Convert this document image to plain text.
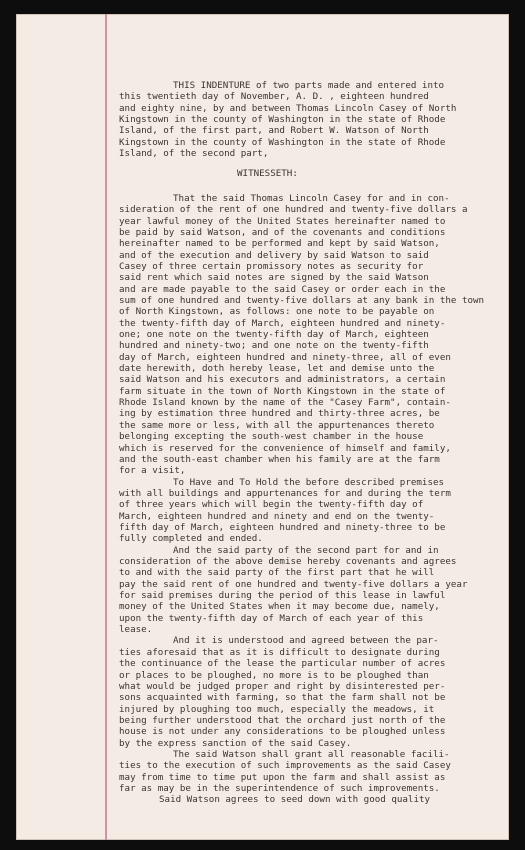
THIS INDENTURE of two parts made and entered into
this twentieth day of November, A. D. , eighteen hundred
and eighty nine, by and between Thomas Lincoln Casey of North
Kingstown in the county of Washington in the state of Rhode
Island, of the first part, and Robert W. Watson of North
Kingstown in the county of Washington in the state of Rhode
Island, of the second part,
WITNESSETH:
That the said Thomas Lincoln Casey for and in con-
sideration of the rent of one hundred and twenty-five dollars a
year lawful money of the United States hereinafter named to
be paid by said Watson, and of the covenants and conditions
hereinafter named to be performed and kept by said Watson,
and of the execution and delivery by said Watson to said
Casey of three certain promissory notes as security for
said rent which said notes are signed by the said Watson
and are made payable to the said Casey or order each in the
sum of one hundred and twenty-five dollars at any bank in the town
of North Kingstown, as follows: one note to be payable on
the twenty-fifth day of March, eighteen hundred and ninety-
one; one note on the twenty-fifth day of March, eighteen
hundred and ninety-two; and one note on the twenty-fifth
day of March, eighteen hundred and ninety-three, all of even
date herewith, doth hereby lease, let and demise unto the
said Watson and his executors and administrators, a certain
farm situate in the town of North Kingstown in the state of
Rhode Island known by the name of the "Casey Farm", contain-
ing by estimation three hundred and thirty-three acres, be
the same more or less, with all the appurtenances thereto
belonging excepting the south-west chamber in the house
which is reserved for the convenience of himself and family,
and the south-east chamber when his family are at the farm
for a visit,
To Have and To Hold the before described premises
with all buildings and appurtenances for and during the term
of three years which will begin the twenty-fifth day of
March, eighteen hundred and ninety and end on the twenty-
fifth day of March, eighteen hundred and ninety-three to be
fully completed and ended.
And the said party of the second part for and in
consideration of the above demise hereby covenants and agrees
to and with the said party of the first part that he will
pay the said rent of one hundred and twenty-five dollars a year
for said premises during the period of this lease in lawful
money of the United States when it may become due, namely,
upon the twenty-fifth day of March of each year of this
lease.
And it is understood and agreed between the par-
ties aforesaid that as it is difficult to designate during
the continuance of the lease the particular number of acres
or places to be ploughed, no more is to be ploughed than
what would be judged proper and right by disinterested per-
sons acquainted with farming, so that the farm shall not be
injured by ploughing too much, especially the meadows, it
being further understood that the orchard just north of the
house is not under any considerations to be ploughed unless
by the express sanction of the said Casey.
The said Watson shall grant all reasonable facili-
ties to the execution of such improvements as the said Casey
may from time to time put upon the farm and shall assist as
far as may be in the superintendence of such improvements.
Said Watson agrees to seed down with good quality
